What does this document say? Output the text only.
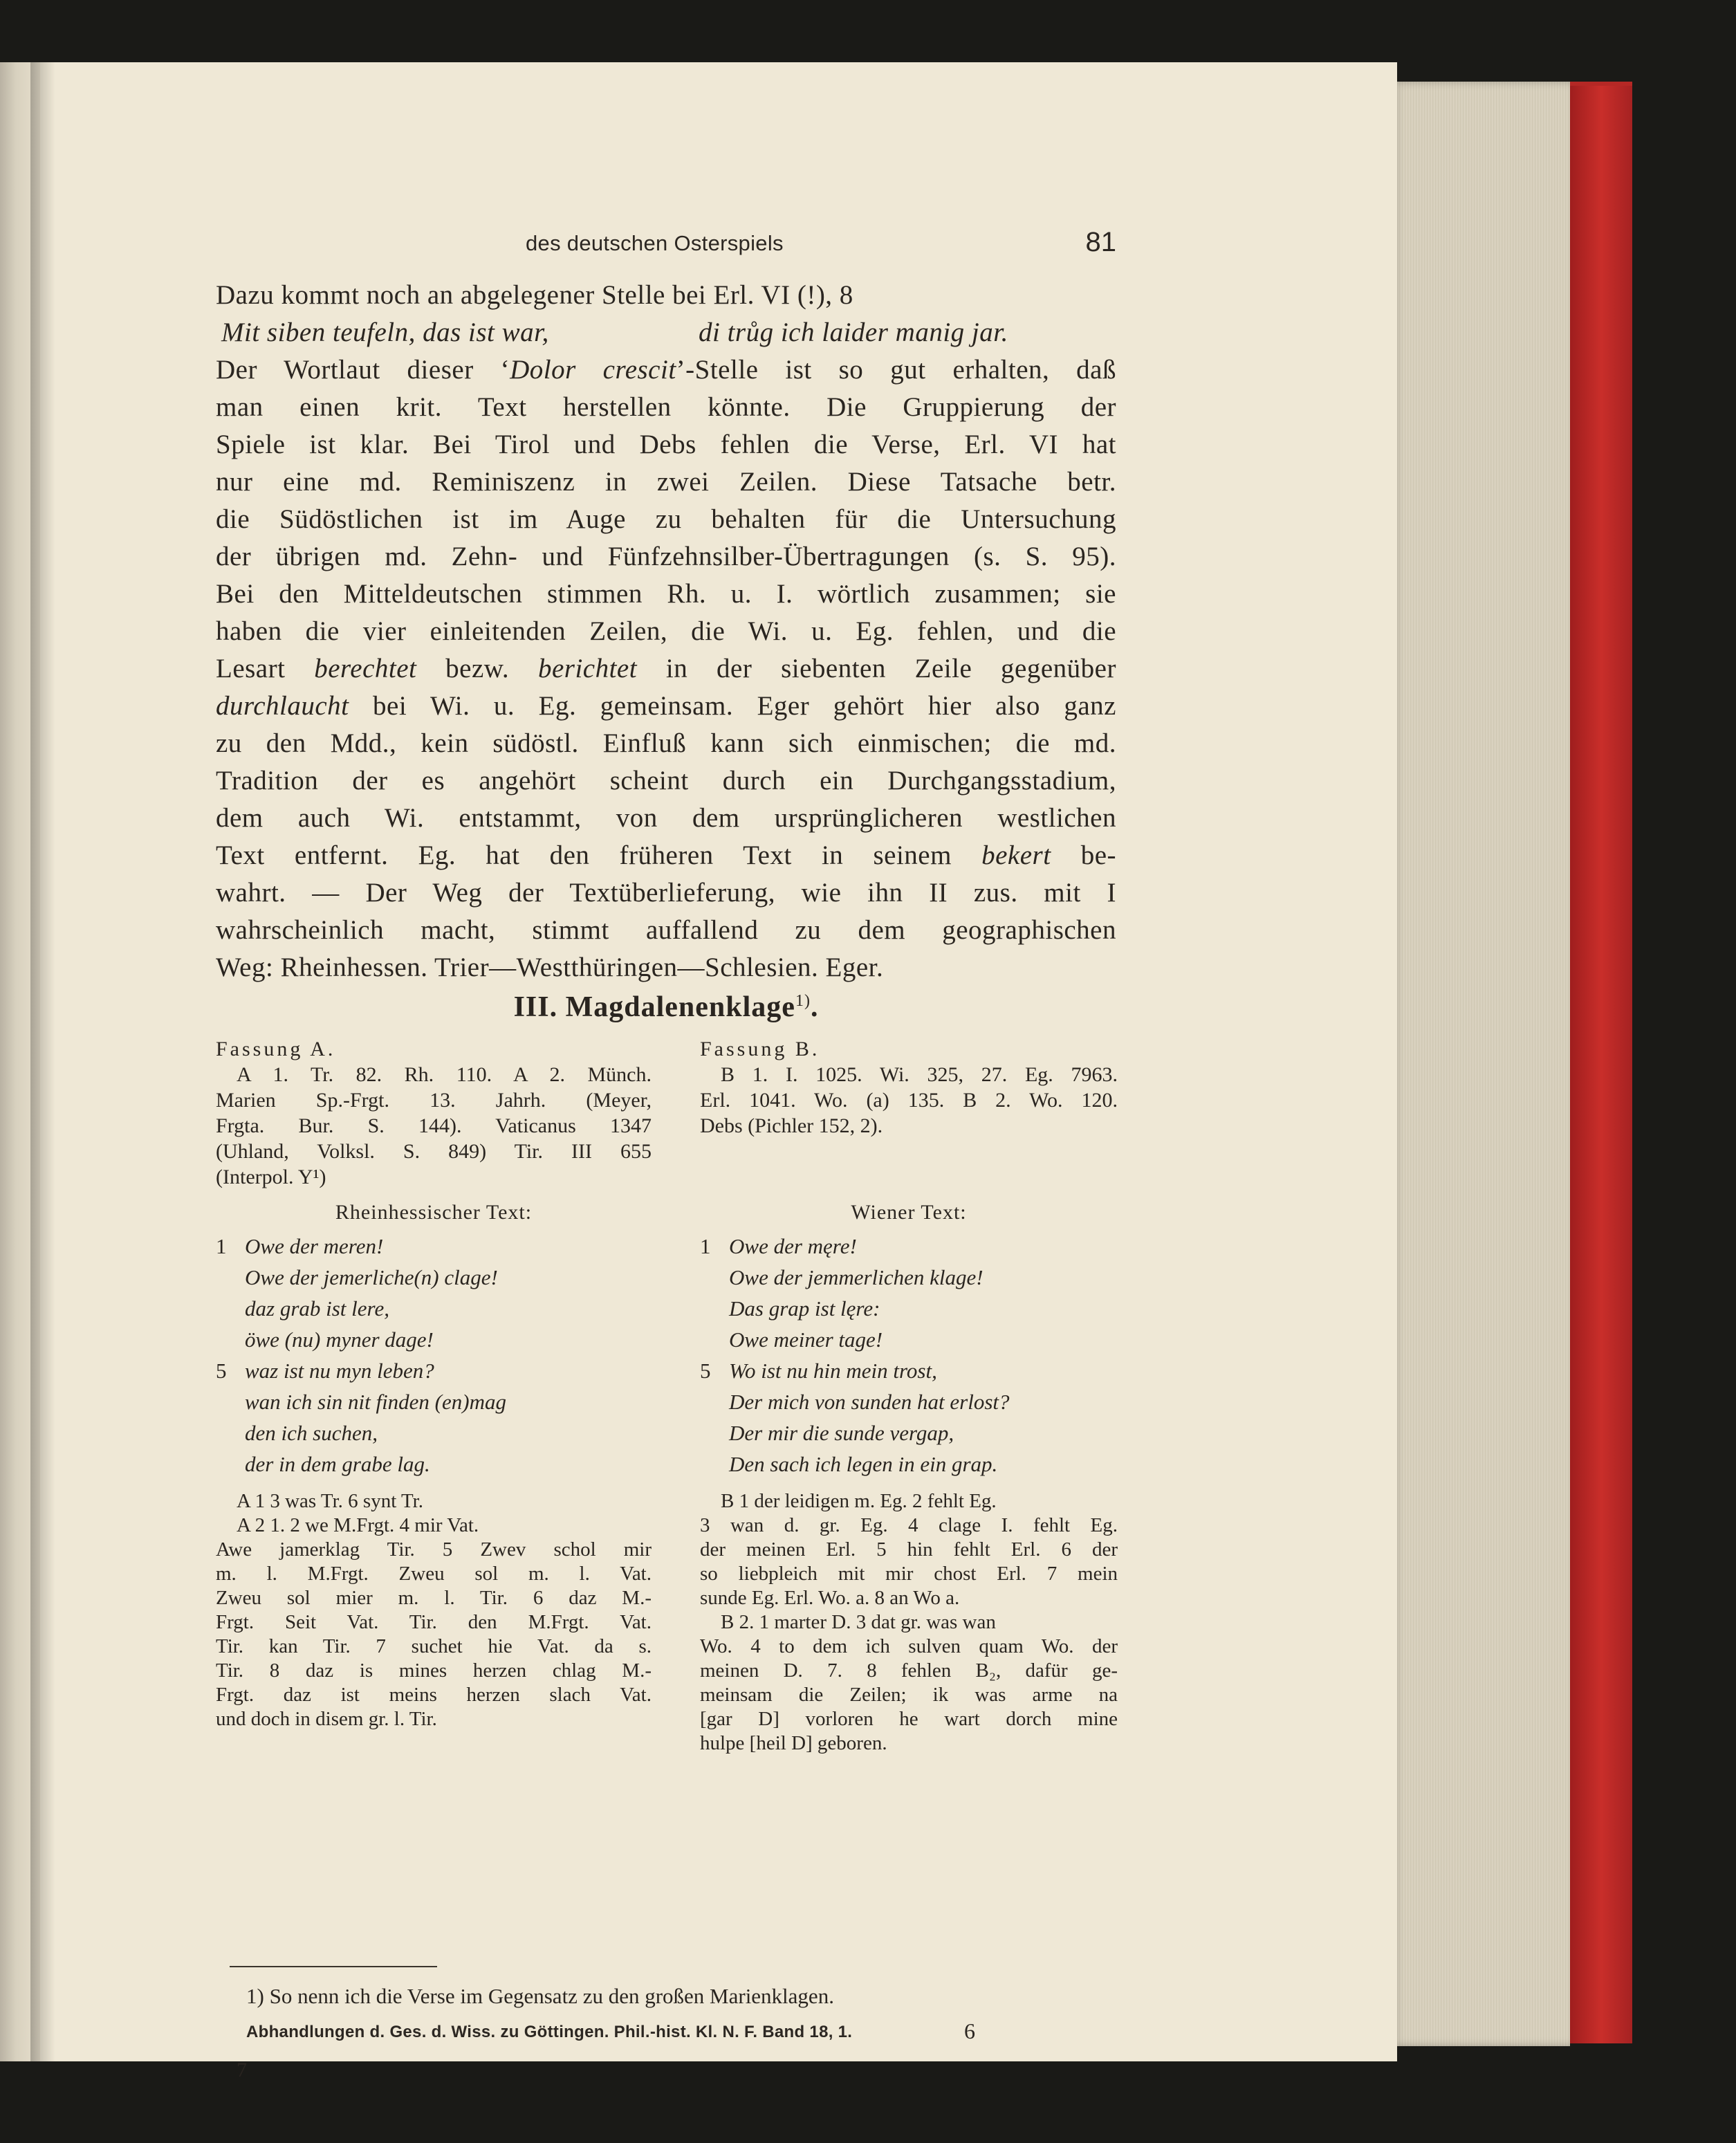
des deutschen Osterspiels	81
Dazu kommt noch an abgelegener Stelle bei Erl. VI (!), 8
Mit siben teufeln, das ist war,	di trůg ich laider manig jar.
Der Wortlaut dieser ‘Dolor crescit’-Stelle ist so gut erhalten, daß
man einen krit. Text herstellen könnte. Die Gruppierung der
Spiele ist klar. Bei Tirol und Debs fehlen die Verse, Erl. VI hat
nur eine md. Reminiszenz in zwei Zeilen. Diese Tatsache betr.
die Südöstlichen ist im Auge zu behalten für die Untersuchung
der übrigen md. Zehn- und Fünfzehnsilber-Übertragungen (s. S. 95).
Bei den Mitteldeutschen stimmen Rh. u. I. wörtlich zusammen; sie
haben die vier einleitenden Zeilen, die Wi. u. Eg. fehlen, und die
Lesart berechtet bezw. berichtet in der siebenten Zeile gegenüber
durchlaucht bei Wi. u. Eg. gemeinsam. Eger gehört hier also ganz
zu den Mdd., kein südöstl. Einfluß kann sich einmischen; die md.
Tradition der es angehört scheint durch ein Durchgangsstadium,
dem auch Wi. entstammt, von dem ursprünglicheren westlichen
Text entfernt. Eg. hat den früheren Text in seinem bekert be-
wahrt. — Der Weg der Textüberlieferung, wie ihn II zus. mit I
wahrscheinlich macht, stimmt auffallend zu dem geographischen
Weg: Rheinhessen. Trier—Westthüringen—Schlesien. Eger.
III. Magdalenenklage$^{1)}$.
Fassung A.
A 1. Tr. 82. Rh. 110. A 2. Münch.
Marien Sp.-Frgt. 13. Jahrh. (Meyer,
Frgta. Bur. S. 144). Vaticanus 1347
(Uhland, Volksl. S. 849) Tir. III 655
(Interpol. Y¹)
Rheinhessischer Text:
1 Owe der meren!
Owe der jemerliche(n) clage!
daz grab ist lere,
öwe (nu) myner dage!
5 waz ist nu myn leben?
wan ich sin nit finden (en)mag
den ich suchen,
der in dem grabe lag.
A 1 3 was Tr. 6 synt Tr.
A 2 1. 2 we M.Frgt. 4 mir Vat.
Awe jamerklag Tir. 5 Zwev schol mir
m. l. M.Frgt. Zweu sol m. l. Vat.
Zweu sol mier m. l. Tir. 6 daz M.-
Frgt. Seit Vat. Tir. den M.Frgt. Vat.
Tir. kan Tir. 7 suchet hie Vat. da s.
Tir. 8 daz is mines herzen chlag M.-
Frgt. daz ist meins herzen slach Vat.
und doch in disem gr. l. Tir.
Fassung B.
B 1. I. 1025. Wi. 325, 27. Eg. 7963.
Erl. 1041. Wo. (a) 135. B 2. Wo. 120.
Debs (Pichler 152, 2).
Wiener Text:
1 Owe der męre!
Owe der jemmerlichen klage!
Das grap ist lęre:
Owe meiner tage!
5 Wo ist nu hin mein trost,
Der mich von sunden hat erlost?
Der mir die sunde vergap,
Den sach ich legen in ein grap.
B 1 der leidigen m. Eg. 2 fehlt Eg.
3 wan d. gr. Eg. 4 clage I. fehlt Eg.
der meinen Erl. 5 hin fehlt Erl. 6 der
so liebpleich mit mir chost Erl. 7 mein
sunde Eg. Erl. Wo. a. 8 an Wo a.
B 2. 1 marter D. 3 dat gr. was wan
Wo. 4 to dem ich sulven quam Wo. der
meinen D. 7. 8 fehlen B₂, dafür ge-
meinsam die Zeilen; ik was arme na
[gar D] vorloren he wart dorch mine
hulpe [heil D] geboren.
1) So nenn ich die Verse im Gegensatz zu den großen Marienklagen.
Abhandlungen d. Ges. d. Wiss. zu Göttingen. Phil.-hist. Kl. N. F. Band 18, 1.	6
7
